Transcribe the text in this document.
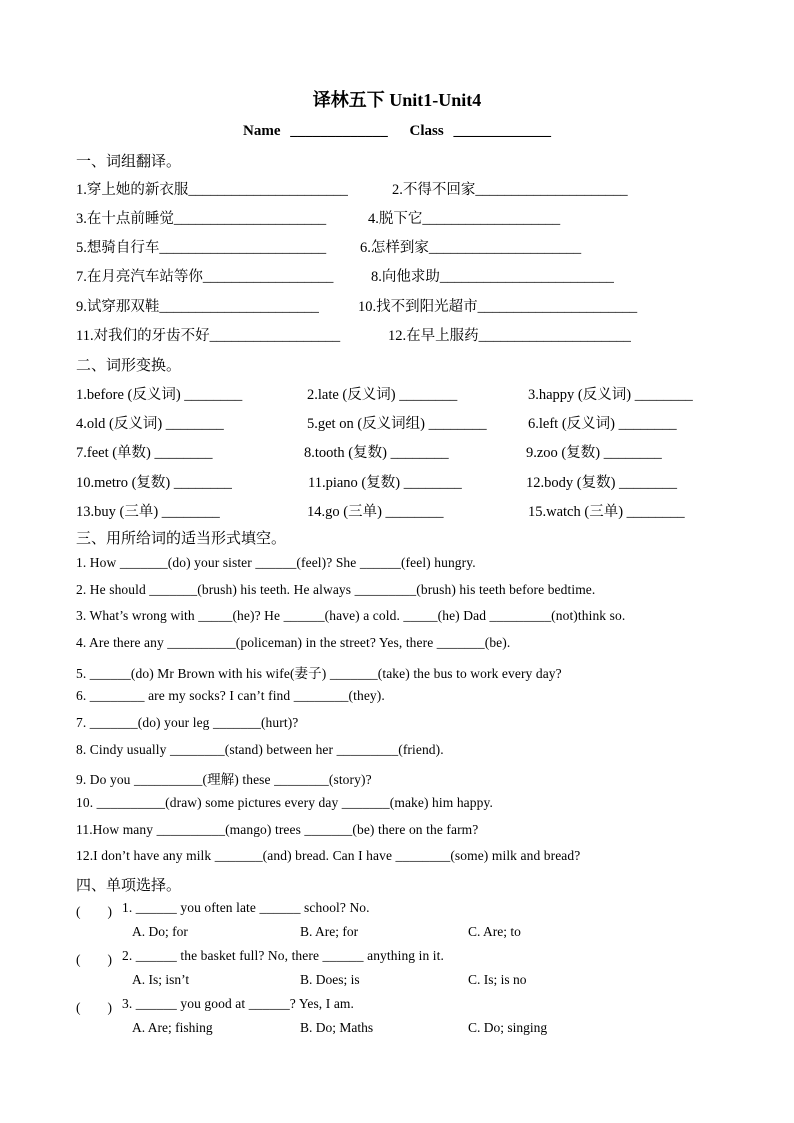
译林五下 Unit1-Unit4
Name _____________ Class _____________
一、词组翻译。
1.穿上她的新衣服______________________	2.不得不回家_____________________
3.在十点前睡觉_____________________	4.脱下它___________________
5.想骑自行车_______________________ 6.怎样到家_____________________
7.在月亮汽车站等你__________________	8.向他求助________________________
9.试穿那双鞋______________________	10.找不到阳光超市______________________
11.对我们的牙齿不好__________________	12.在早上服药_____________________
二、词形变换。
1.before (反义词) ________	2.late (反义词) ________	3.happy (反义词) ________
4.old (反义词) ________	5.get on (反义词组) ________	6.left (反义词) ________
7.feet (单数) ________	8.tooth (复数) ________	9.zoo (复数) ________
10.metro (复数) ________	11.piano (复数) ________	12.body (复数) ________
13.buy (三单) ________	14.go (三单) ________	15.watch (三单) ________
三、用所给词的适当形式填空。
1. How _______(do) your sister ______(feel)? She ______(feel) hungry.
2. He should _______(brush) his teeth. He always _________(brush) his teeth before bedtime.
3. What’s wrong with _____(he)? He ______(have) a cold. _____(he) Dad _________(not)think so.
4. Are there any __________(policeman) in the street? Yes, there _______(be).
5. ______(do) Mr Brown with his wife(妻子) _______(take) the bus to work every day?
6. ________ are my socks? I can’t find ________(they).
7. _______(do) your leg _______(hurt)?
8. Cindy usually ________(stand) between her _________(friend).
9. Do you __________(理解) these ________(story)?
10. __________(draw) some pictures every day _______(make) him happy.
11.How many __________(mango) trees _______(be) there on the farm?
12.I don’t have any milk _______(and) bread. Can I have ________(some) milk and bread?
四、单项选择。
(　　) 1. ______ you often late ______ school? No.
A. Do; for	B. Are; for	C. Are; to
(　　) 2. ______ the basket full? No, there ______ anything in it.
A. Is; isn’t	B. Does; is	C. Is; is no
(　　) 3. ______ you good at ______? Yes, I am.
A. Are; fishing	B. Do; Maths	C. Do; singing
